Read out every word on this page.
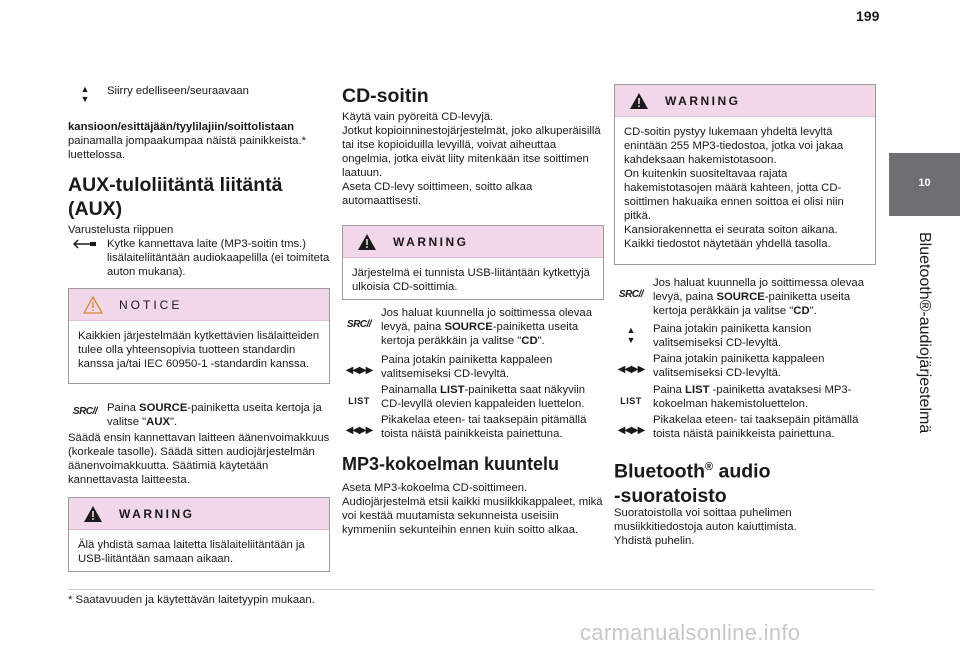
199
10
Bluetooth®-audiojärjestelmä
▲
▼
Siirry edelliseen/seuraavaan

kansioon/esittäjään/tyylilajiin/soittolistaan painamalla jompaakumpaa näistä painikkeista.* luettelossa.

AUX-tuloliitäntä liitäntä
(AUX)

Varustelusta riippuen

Kytke kannettava laite (MP3-soitin tms.) lisälaiteliitäntään audiokaapelilla (ei toimiteta auton mukana).
NOTICE
Kaikkien järjestelmään kytkettävien lisälaitteiden tulee olla yhteensopivia tuotteen standardin kanssa ja/tai IEC 60950-1 -standardin kanssa.
SRC// Paina SOURCE-painiketta useita kertoja ja valitse "AUX".

Säädä ensin kannettavan laitteen äänenvoimakkuus (korkeale tasolle). Säädä sitten audiojärjestelmän äänenvoimakkuutta. Säätimiä käytetään kannettavasta laitteesta.

WARNING
Älä yhdistä samaa laitetta lisälaiteliitäntään ja USB-liitäntään samaan aikaan.
CD-soitin

Käytä vain pyöreitä CD-levyjä.
Jotkut kopioinninestojärjestelmät, joko alkuperäisillä tai itse kopioiduilla levyillä, voivat aiheuttaa ongelmia, jotka eivät liity mitenkään itse soittimen laatuun.
Aseta CD-levy soittimeen, soitto alkaa automaattisesti.

WARNING
Järjestelmä ei tunnista USB-liitäntään kytkettyjä ulkoisia CD-soittimia.
SRC//
Jos haluat kuunnella jo soittimessa olevaa levyä, paina SOURCE-painiketta useita kertoja peräkkäin ja valitse "CD".
◀◀▶▶
Paina jotakin painiketta kappaleen valitsemiseksi CD-levyltä.
LIST
Painamalla LIST-painiketta saat näkyviin CD-levyllä olevien kappaleiden luettelon.
◀◀▶▶
Pikakelaa eteen- tai taaksepäin pitämällä toista näistä painikkeista painettuna.
MP3-kokoelman kuuntelu

Aseta MP3-kokoelma CD-soittimeen.
Audiojärjestelmä etsii kaikki musiikkikappaleet, mikä voi kestää muutamista sekunneista useisiin kymmeniin sekunteihin ennen kuin soitto alkaa.

WARNING
CD-soitin pystyy lukemaan yhdeltä levyltä enintään 255 MP3-tiedostoa, jotka voi jakaa kahdeksaan hakemistotasoon.
On kuitenkin suositeltavaa rajata hakemistotasojen määrä kahteen, jotta CD-soittimen hakuaika ennen soittoa ei olisi niin pitkä.
Kansiorakennetta ei seurata soiton aikana.
Kaikki tiedostot näytetään yhdellä tasolla.
SRC//
Jos haluat kuunnella jo soittimessa olevaa levyä, paina SOURCE-painiketta useita kertoja peräkkäin ja valitse "CD".
▲
▼
Paina jotakin painiketta kansion valitsemiseksi CD-levyltä.
◀◀▶▶
Paina jotakin painiketta kappaleen valitsemiseksi CD-levyltä.
LIST
Paina LIST -painiketta avataksesi MP3-kokoelman hakemistoluettelon.
◀◀▶▶
Pikakelaa eteen- tai taaksepäin pitämällä toista näistä painikkeista painettuna.
Bluetooth® audio
-suoratoisto

Suoratoistolla voi soittaa puhelimen musiikkitiedostoja auton kaiuttimista.
Yhdistä puhelin.

* Saatavuuden ja käytettävän laitetyypin mukaan.
carmanualsonline.info
